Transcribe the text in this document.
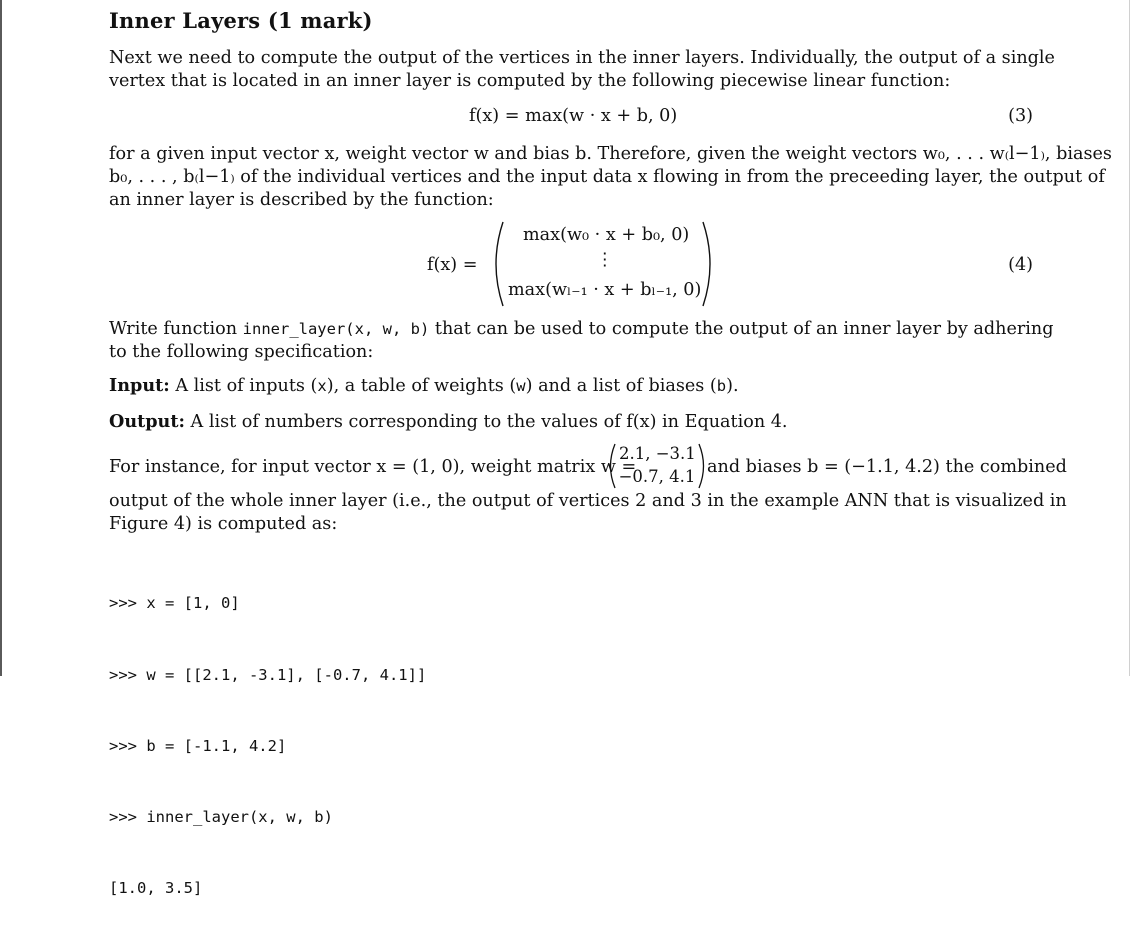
Inner Layers (1 mark)
Next we need to compute the output of the vertices in the inner layers. Individually, the output of a single
vertex that is located in an inner layer is computed by the following piecewise linear function:
f(x) = max(w · x + b, 0)	(3)
for a given input vector x, weight vector w and bias b. Therefore, given the weight vectors w₀, . . . w₍l−1₎, biases
b₀, . . . , b₍l−1₎ of the individual vertices and the input data x flowing in from the preceeding layer, the output of
an inner layer is described by the function:
f(x) =
max(w₀ · x + b₀, 0)
⋮
max(wₗ₋₁ · x + bₗ₋₁, 0)
(4)
Write function inner_layer(x, w, b) that can be used to compute the output of an inner layer by adhering
to the following specification:
Input: A list of inputs (x), a table of weights (w) and a list of biases (b).
Output: A list of numbers corresponding to the values of f(x) in Equation 4.
For instance, for input vector x = (1, 0), weight matrix w =
2.1, −3.1
−0.7, 4.1 and biases b = (−1.1, 4.2) the combined
output of the whole inner layer (i.e., the output of vertices 2 and 3 in the example ANN that is visualized in
Figure 4) is computed as:

>>> x = [1, 0]

>>> w = [[2.1, -3.1], [-0.7, 4.1]]

>>> b = [-1.1, 4.2]

>>> inner_layer(x, w, b)

[1.0, 3.5]
